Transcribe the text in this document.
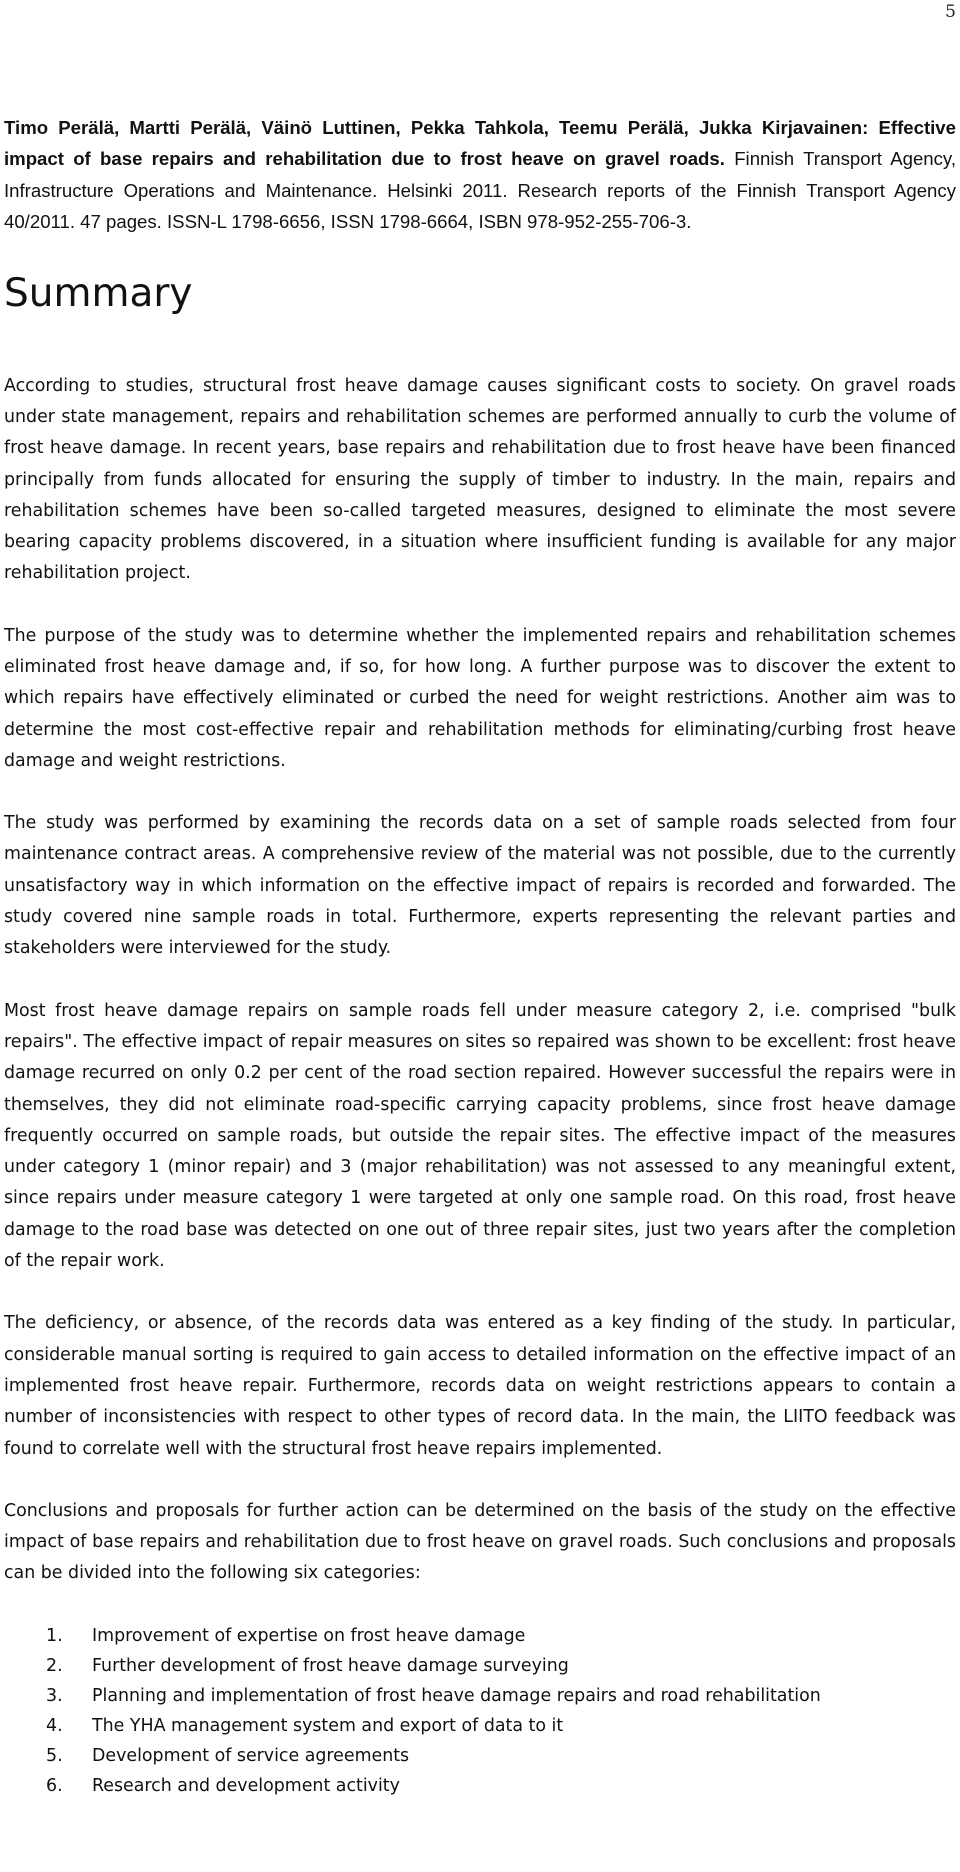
5

Timo Perälä, Martti Perälä, Väinö Luttinen, Pekka Tahkola, Teemu Perälä, Jukka Kirjavainen: Effective impact of base repairs and rehabilitation due to frost heave on gravel roads. Finnish Transport Agency, Infrastructure Operations and Maintenance. Helsinki 2011. Research reports of the Finnish Transport Agency 40/2011. 47 pages. ISSN-L 1798-6656, ISSN 1798-6664, ISBN 978-952-255-706-3.

Summary

According to studies, structural frost heave damage causes significant costs to society. On gravel roads under state management, repairs and rehabilitation schemes are performed annually to curb the volume of frost heave damage. In recent years, base repairs and rehabilitation due to frost heave have been financed principally from funds allocated for ensuring the supply of timber to industry. In the main, repairs and rehabilitation schemes have been so-called targeted measures, designed to eliminate the most severe bearing capacity problems discovered, in a situation where insufficient funding is available for any major rehabilitation project.

The purpose of the study was to determine whether the implemented repairs and rehabilitation schemes eliminated frost heave damage and, if so, for how long. A further purpose was to discover the extent to which repairs have effectively eliminated or curbed the need for weight restrictions. Another aim was to determine the most cost-effective repair and rehabilitation methods for eliminating/curbing frost heave damage and weight restrictions.

The study was performed by examining the records data on a set of sample roads selected from four maintenance contract areas. A comprehensive review of the material was not possible, due to the currently unsatisfactory way in which information on the effective impact of repairs is recorded and forwarded. The study covered nine sample roads in total. Furthermore, experts representing the relevant parties and stakeholders were interviewed for the study.

Most frost heave damage repairs on sample roads fell under measure category 2, i.e. comprised "bulk repairs". The effective impact of repair measures on sites so repaired was shown to be excellent: frost heave damage recurred on only 0.2 per cent of the road section repaired. However successful the repairs were in themselves, they did not eliminate road-specific carrying capacity problems, since frost heave damage frequently occurred on sample roads, but outside the repair sites. The effective impact of the measures under category 1 (minor repair) and 3 (major rehabilitation) was not assessed to any meaningful extent, since repairs under measure category 1 were targeted at only one sample road. On this road, frost heave damage to the road base was detected on one out of three repair sites, just two years after the completion of the repair work.

The deficiency, or absence, of the records data was entered as a key finding of the study. In particular, considerable manual sorting is required to gain access to detailed information on the effective impact of an implemented frost heave repair. Furthermore, records data on weight restrictions appears to contain a number of inconsistencies with respect to other types of record data. In the main, the LIITO feedback was found to correlate well with the structural frost heave repairs implemented.

Conclusions and proposals for further action can be determined on the basis of the study on the effective impact of base repairs and rehabilitation due to frost heave on gravel roads. Such conclusions and proposals can be divided into the following six categories:

1.	Improvement of expertise on frost heave damage
2.	Further development of frost heave damage surveying
3.	Planning and implementation of frost heave damage repairs and road rehabilitation
4.	The YHA management system and export of data to it
5.	Development of service agreements
6.	Research and development activity
